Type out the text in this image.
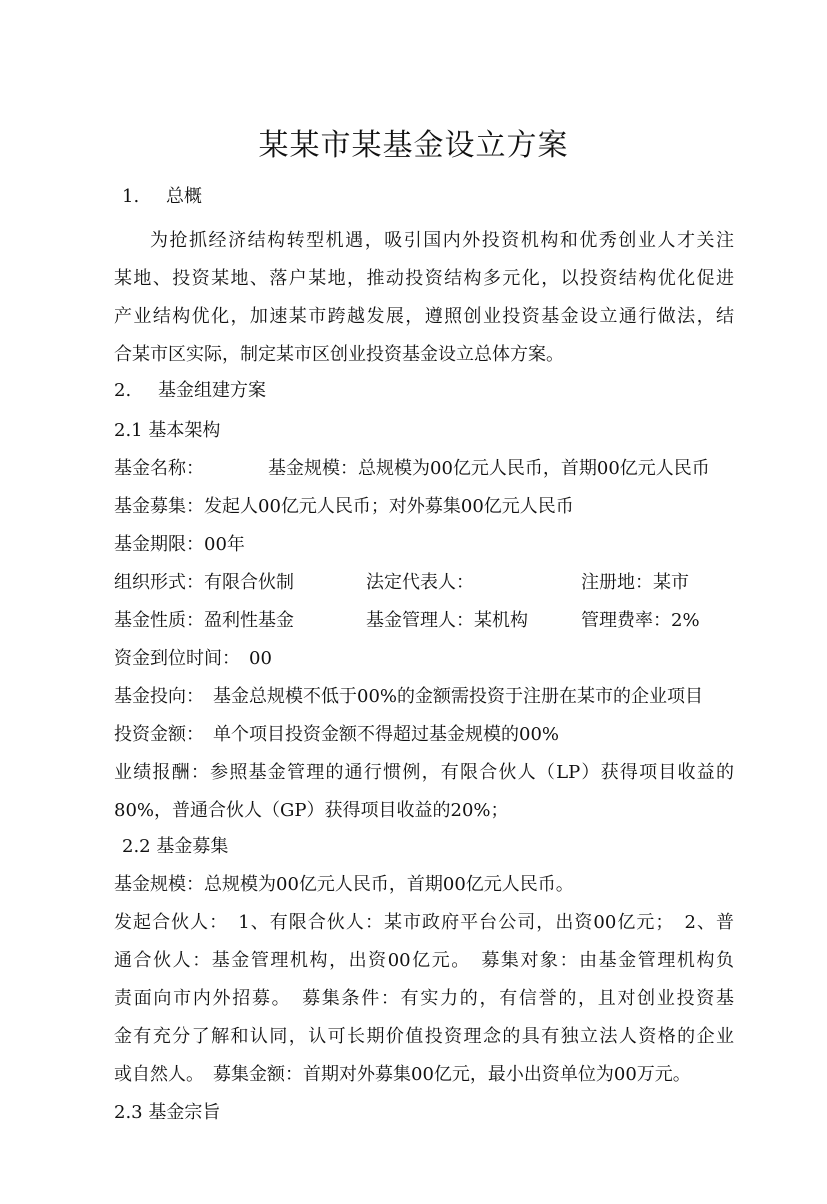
某某市某基金设立方案
1. 总概
为抢抓经济结构转型机遇，吸引国内外投资机构和优秀创业人才关注
某地、投资某地、落户某地，推动投资结构多元化，以投资结构优化促进
产业结构优化，加速某市跨越发展，遵照创业投资基金设立通行做法，结
合某市区实际，制定某市区创业投资基金设立总体方案。
2. 基金组建方案
2.1 基本架构
基金名称：	基金规模：总规模为00亿元人民币，首期00亿元人民币
基金募集：发起人00亿元人民币；对外募集00亿元人民币
基金期限：00年
组织形式：有限合伙制	法定代表人：	注册地：某市
基金性质：盈利性基金	基金管理人：某机构	管理费率：2%
资金到位时间：　00
基金投向：　基金总规模不低于00%的金额需投资于注册在某市的企业项目
投资金额：　单个项目投资金额不得超过基金规模的00%
业绩报酬：参照基金管理的通行惯例，有限合伙人（LP）获得项目收益的
80%，普通合伙人（GP）获得项目收益的20%；
2.2 基金募集
基金规模：总规模为00亿元人民币，首期00亿元人民币。
发起合伙人：　1、有限合伙人：某市政府平台公司，出资00亿元；　2、普
通合伙人：基金管理机构，出资00亿元。　募集对象：由基金管理机构负
责面向市内外招募。　募集条件：有实力的，有信誉的，且对创业投资基
金有充分了解和认同，认可长期价值投资理念的具有独立法人资格的企业
或自然人。　募集金额：首期对外募集00亿元，最小出资单位为00万元。
2.3 基金宗旨
